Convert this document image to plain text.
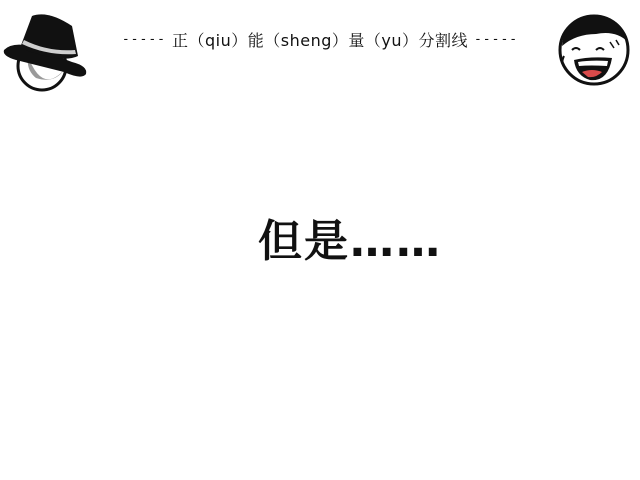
----- 正（qiu）能（sheng）量（yu）分割线 -----
但是……
